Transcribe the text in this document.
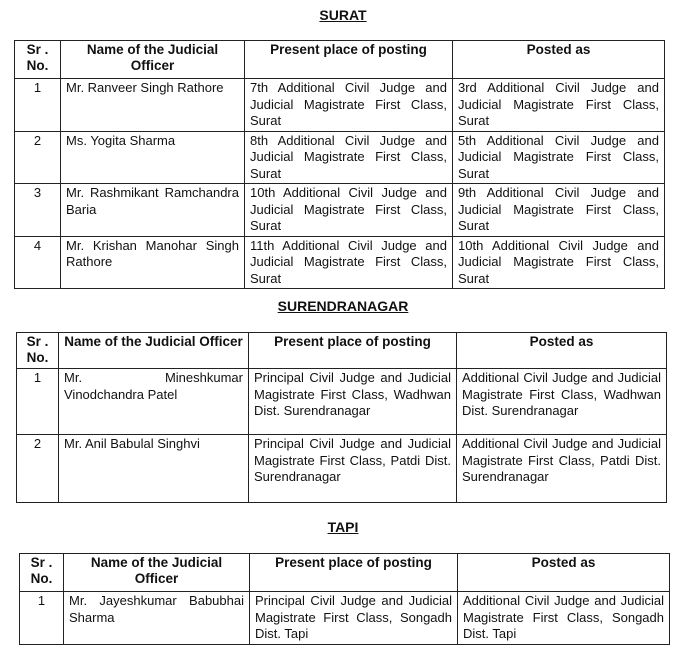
SURAT
Sr . No.	Name of the Judicial Officer	Present place of posting	Posted as
1	Mr. Ranveer Singh Rathore	7th Additional Civil Judge and Judicial Magistrate First Class, Surat	3rd Additional Civil Judge and Judicial Magistrate First Class, Surat
2	Ms. Yogita Sharma	8th Additional Civil Judge and Judicial Magistrate First Class, Surat	5th Additional Civil Judge and Judicial Magistrate First Class, Surat
3	Mr. Rashmikant Ramchandra Baria	10th Additional Civil Judge and Judicial Magistrate First Class, Surat	9th Additional Civil Judge and Judicial Magistrate First Class, Surat
4	Mr. Krishan Manohar Singh Rathore	11th Additional Civil Judge and Judicial Magistrate First Class, Surat	10th Additional Civil Judge and Judicial Magistrate First Class, Surat
SURENDRANAGAR
Sr . No.	Name of the Judicial Officer	Present place of posting	Posted as
1	Mr. Mineshkumar Vinodchandra Patel	Principal Civil Judge and Judicial Magistrate First Class, Wadhwan Dist. Surendranagar	Additional Civil Judge and Judicial Magistrate First Class, Wadhwan Dist. Surendranagar
2	Mr. Anil Babulal Singhvi	Principal Civil Judge and Judicial Magistrate First Class, Patdi Dist. Surendranagar	Additional Civil Judge and Judicial Magistrate First Class, Patdi Dist. Surendranagar
TAPI
Sr . No.	Name of the Judicial Officer	Present place of posting	Posted as
1	Mr. Jayeshkumar Babubhai Sharma	Principal Civil Judge and Judicial Magistrate First Class, Songadh Dist. Tapi	Additional Civil Judge and Judicial Magistrate First Class, Songadh Dist. Tapi
